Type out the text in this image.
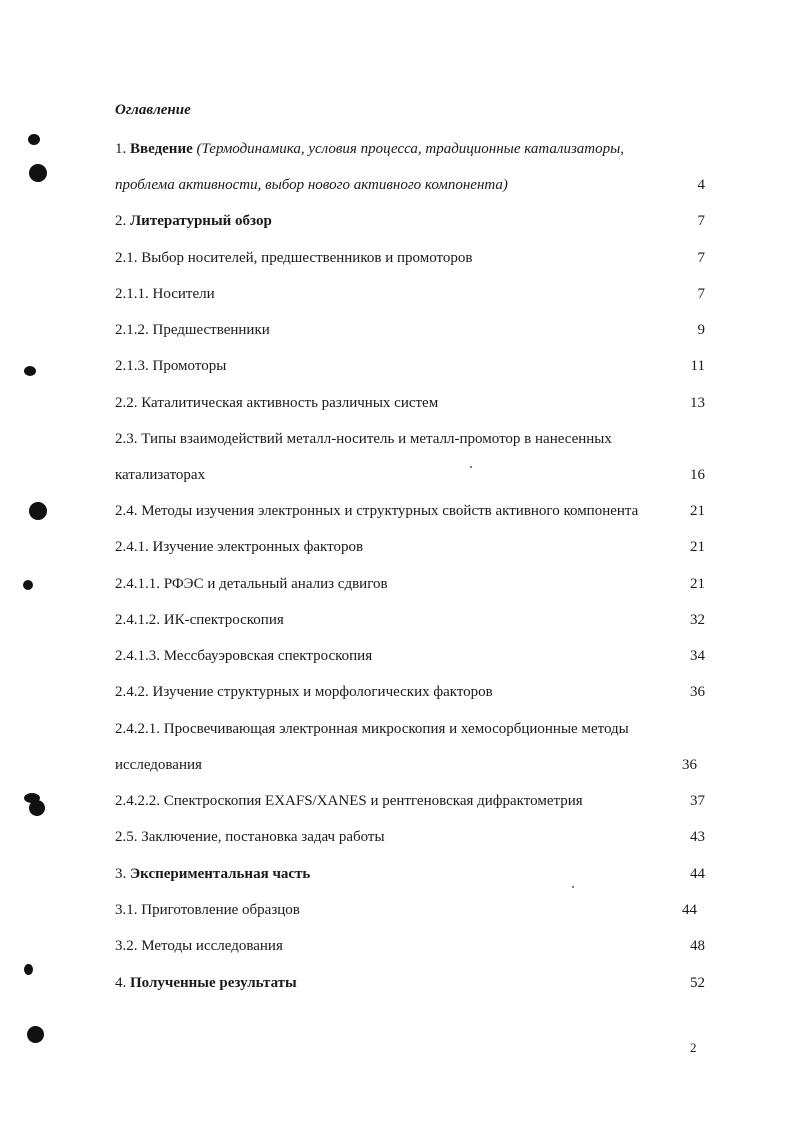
Оглавление
1. Введение (Термодинамика, условия процесса, традиционные катализаторы,
проблема активности, выбор нового активного компонента)	4
2. Литературный обзор	7
2.1. Выбор носителей, предшественников и промоторов	7
2.1.1. Носители	7
2.1.2. Предшественники	9
2.1.3. Промоторы	11
2.2. Каталитическая активность различных систем	13
2.3. Типы взаимодействий металл-носитель и металл-промотор в нанесенных
катализаторах	16
2.4. Методы изучения электронных и структурных свойств активного компонента	21
2.4.1. Изучение электронных факторов	21
2.4.1.1. РФЭС и детальный анализ сдвигов	21
2.4.1.2. ИК-спектроскопия	32
2.4.1.3. Мессбауэровская спектроскопия	34
2.4.2. Изучение структурных и морфологических факторов	36
2.4.2.1. Просвечивающая электронная микроскопия и хемосорбционные методы
исследования	36
2.4.2.2. Спектроскопия EXAFS/XANES и рентгеновская дифрактометрия	37
2.5. Заключение, постановка задач работы	43
3. Экспериментальная часть	44
3.1. Приготовление образцов	44
3.2. Методы исследования	48
4. Полученные результаты	52
2
